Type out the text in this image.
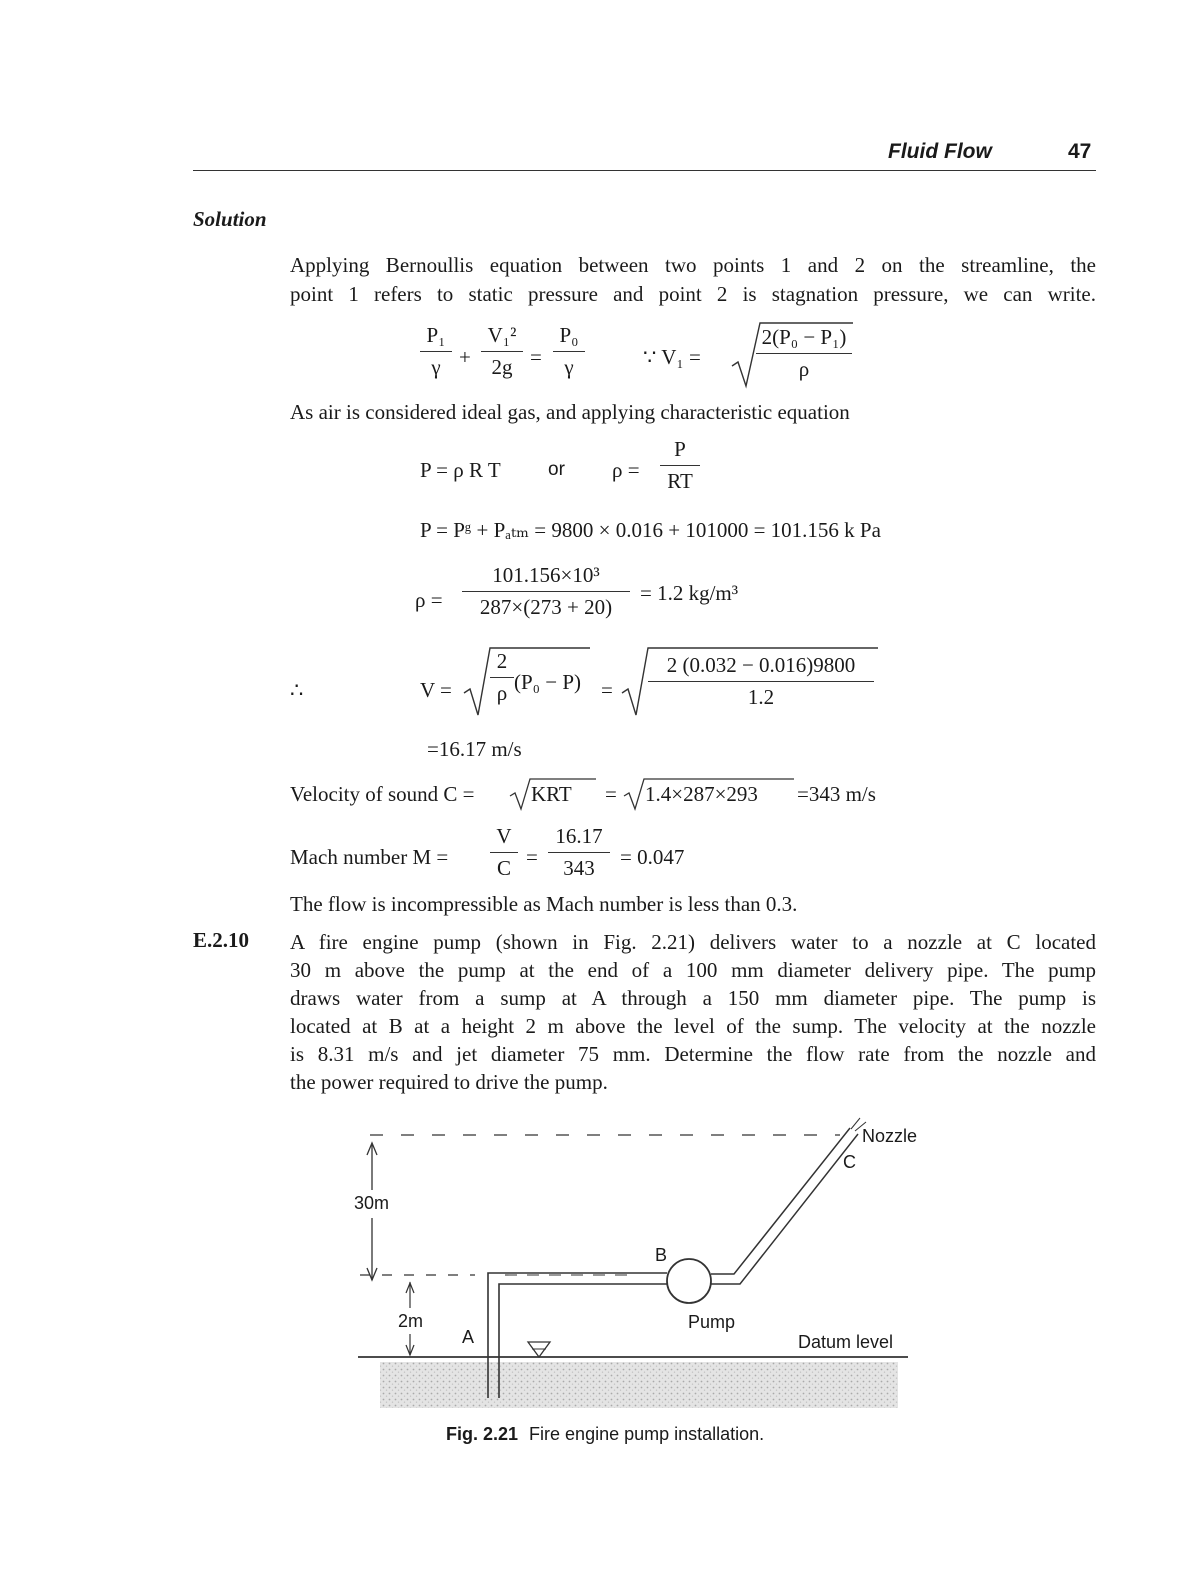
Fluid Flow	47
Solution
Applying Bernoullis equation between two points 1 and 2 on the streamline, the
point 1 refers to static pressure and point 2 is stagnation pressure, we can write.
P₁
γ +
V₁²
2g =
P₀
γ	∵ V₁ =
2(P₀ − P₁)
ρ
As air is considered ideal gas, and applying characteristic equation
P = ρ R T or ρ =
P
RT
P = Pᵍ + Pₐₜₘ = 9800 × 0.016 + 101000 = 101.156 k Pa
ρ =
101.156×10³
287×(273 + 20)
= 1.2 kg/m³
∴	V =
2
ρ (P₀ − P) =
2 (0.032 − 0.016)9800
1.2
=16.17 m/s
Velocity of sound C =	KRT = 1.4×287×293 =343 m/s
Mach number M =
V
C =
16.17
343	= 0.047
The flow is incompressible as Mach number is less than 0.3.
E.2.10 A fire engine pump (shown in Fig. 2.21) delivers water to a nozzle at C located
30 m above the pump at the end of a 100 mm diameter delivery pipe. The pump
draws water from a sump at A through a 150 mm diameter pipe. The pump is
located at B at a height 2 m above the level of the sump. The velocity at the nozzle
is 8.31 m/s and jet diameter 75 mm. Determine the flow rate from the nozzle and
the power required to drive the pump.
Nozzle
C
B
Pump
A	Datum level
30m
2m
Fig. 2.21 Fire engine pump installation.
